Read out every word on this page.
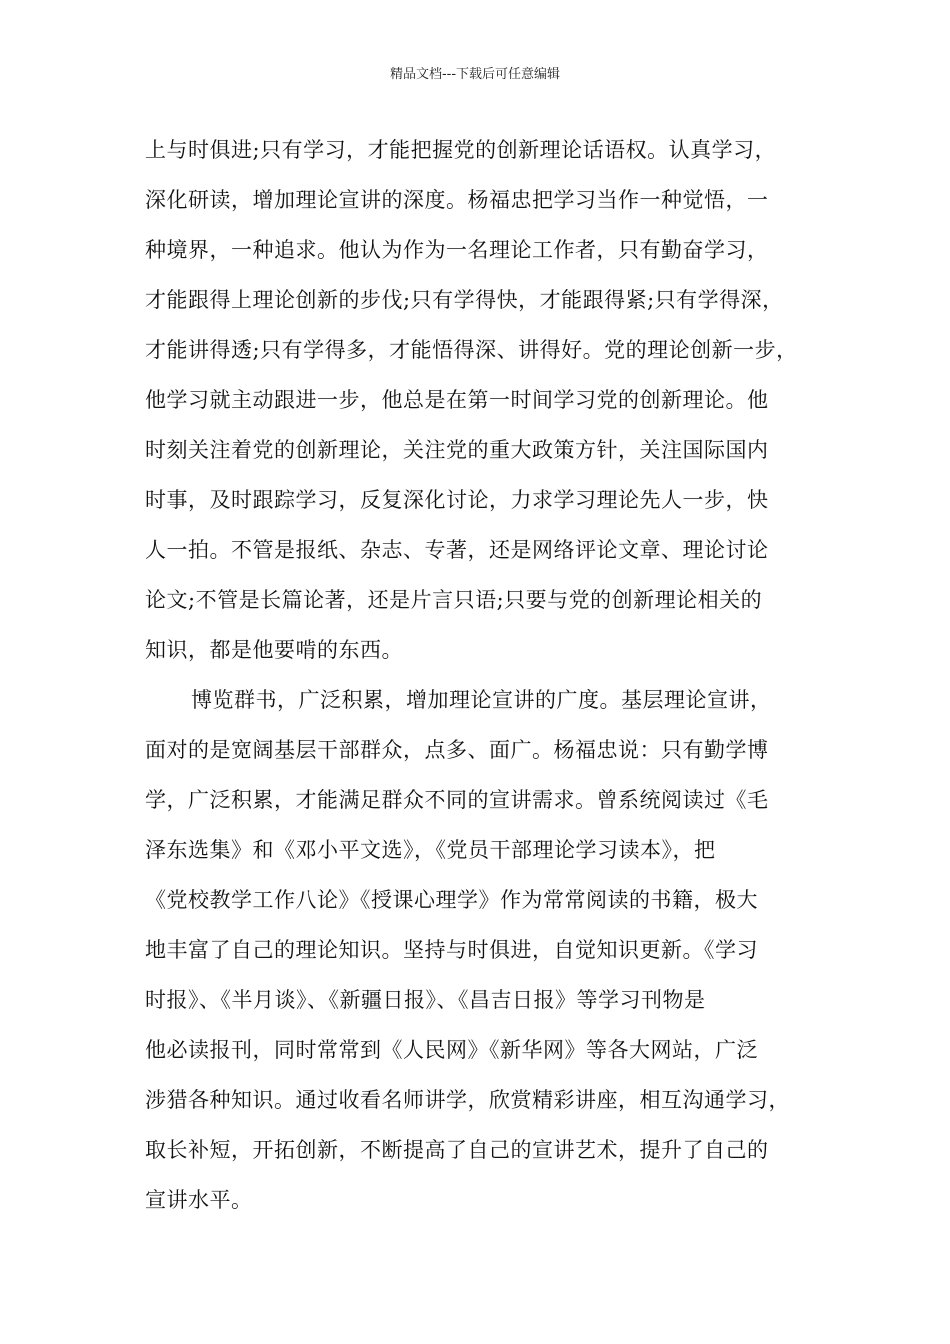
精品文档---下载后可任意编辑
上与时俱进;只有学习，才能把握党的创新理论话语权。认真学习，
深化研读，增加理论宣讲的深度。杨福忠把学习当作一种觉悟，一
种境界，一种追求。他认为作为一名理论工作者，只有勤奋学习，
才能跟得上理论创新的步伐;只有学得快，才能跟得紧;只有学得深，
才能讲得透;只有学得多，才能悟得深、讲得好。党的理论创新一步，
他学习就主动跟进一步，他总是在第一时间学习党的创新理论。他
时刻关注着党的创新理论，关注党的重大政策方针，关注国际国内
时事，及时跟踪学习，反复深化讨论，力求学习理论先人一步，快
人一拍。不管是报纸、杂志、专著，还是网络评论文章、理论讨论
论文;不管是长篇论著，还是片言只语;只要与党的创新理论相关的
知识，都是他要啃的东西。
博览群书，广泛积累，增加理论宣讲的广度。基层理论宣讲，
面对的是宽阔基层干部群众，点多、面广。杨福忠说：只有勤学博
学，广泛积累，才能满足群众不同的宣讲需求。曾系统阅读过《毛
泽东选集》和《邓小平文选》，《党员干部理论学习读本》，把
《党校教学工作八论》《授课心理学》作为常常阅读的书籍，极大
地丰富了自己的理论知识。坚持与时俱进，自觉知识更新。《学习
时报》、《半月谈》、《新疆日报》、《昌吉日报》等学习刊物是
他必读报刊，同时常常到《人民网》《新华网》等各大网站，广泛
涉猎各种知识。通过收看名师讲学，欣赏精彩讲座，相互沟通学习，
取长补短，开拓创新，不断提高了自己的宣讲艺术，提升了自己的
宣讲水平。
